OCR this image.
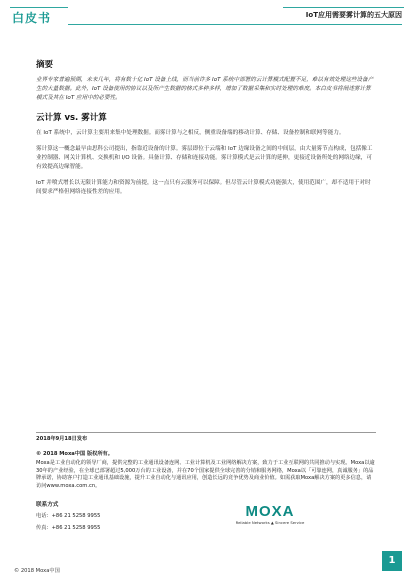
白皮书	IoT应用需要雾计算的五大原因
摘要

业界专家普遍预期，未来几年，将有数十亿 IoT 设备上线，而当前许多 IoT 系统中部署的云计算模式配置不足，难以有效处理这些设备产生的大量数据。此外，IoT 设备使用的协议以及所产生数据的格式多种多样，增加了数据采集和实时处理的难度。本白皮书将阐述雾计算模式及其在 IoT 应用中的必要性。

云计算 vs. 雾计算

在 IoT 系统中，云计算主要用来集中处理数据。而雾计算与之相反，侧重设备端的移动计算、存储、设备控制和联网等能力。

雾计算这一概念最早由思科公司提出，指靠近设备的计算。雾层即位于云端和 IoT 边缘设备之间的中间层，由大量雾节点构成，包括像工业控制器、网关计算机、交换机和 I/O 设备。具备计算、存储和连接功能。雾计算模式是云计算的延伸，更接近设备所处的网络边缘，可有效提高边缘智能。

IoT 并喷式增长以无限计算能力和资源为前提，这一点只有云服务可以保障。但尽管云计算模式功能强大，使用范围广，却不适用于对时间要求严格但网络连接性差的应用。

2018年9月18日发布
© 2018 Moxa中国 版权所有。
Moxa是工业自动化的领导厂商，提供完整的工业通讯设备连网、工业计算机及工业网络解决方案，致力于工业互联网的共同推动与实现。Moxa以逾30年的产业经验，在全球已部署超过5,000万台的工业设备，并在70个国家提供全球完善的分销和服务网络，Moxa以「可靠连网，真诚服务」的品牌承诺，协助客户打造工业通讯基础设施，提升工业自动化与通讯应用，创造长远的竞争优势及商业价值。如需获取Moxa解决方案的更多信息，请访问www.moxa.com.cn。
联系方式
电话：+86 21 5258 9955
传真：+86 21 5258 9955
MOXA
Reliable Networks ▲ Sincere Service
1
© 2018 Moxa中国
